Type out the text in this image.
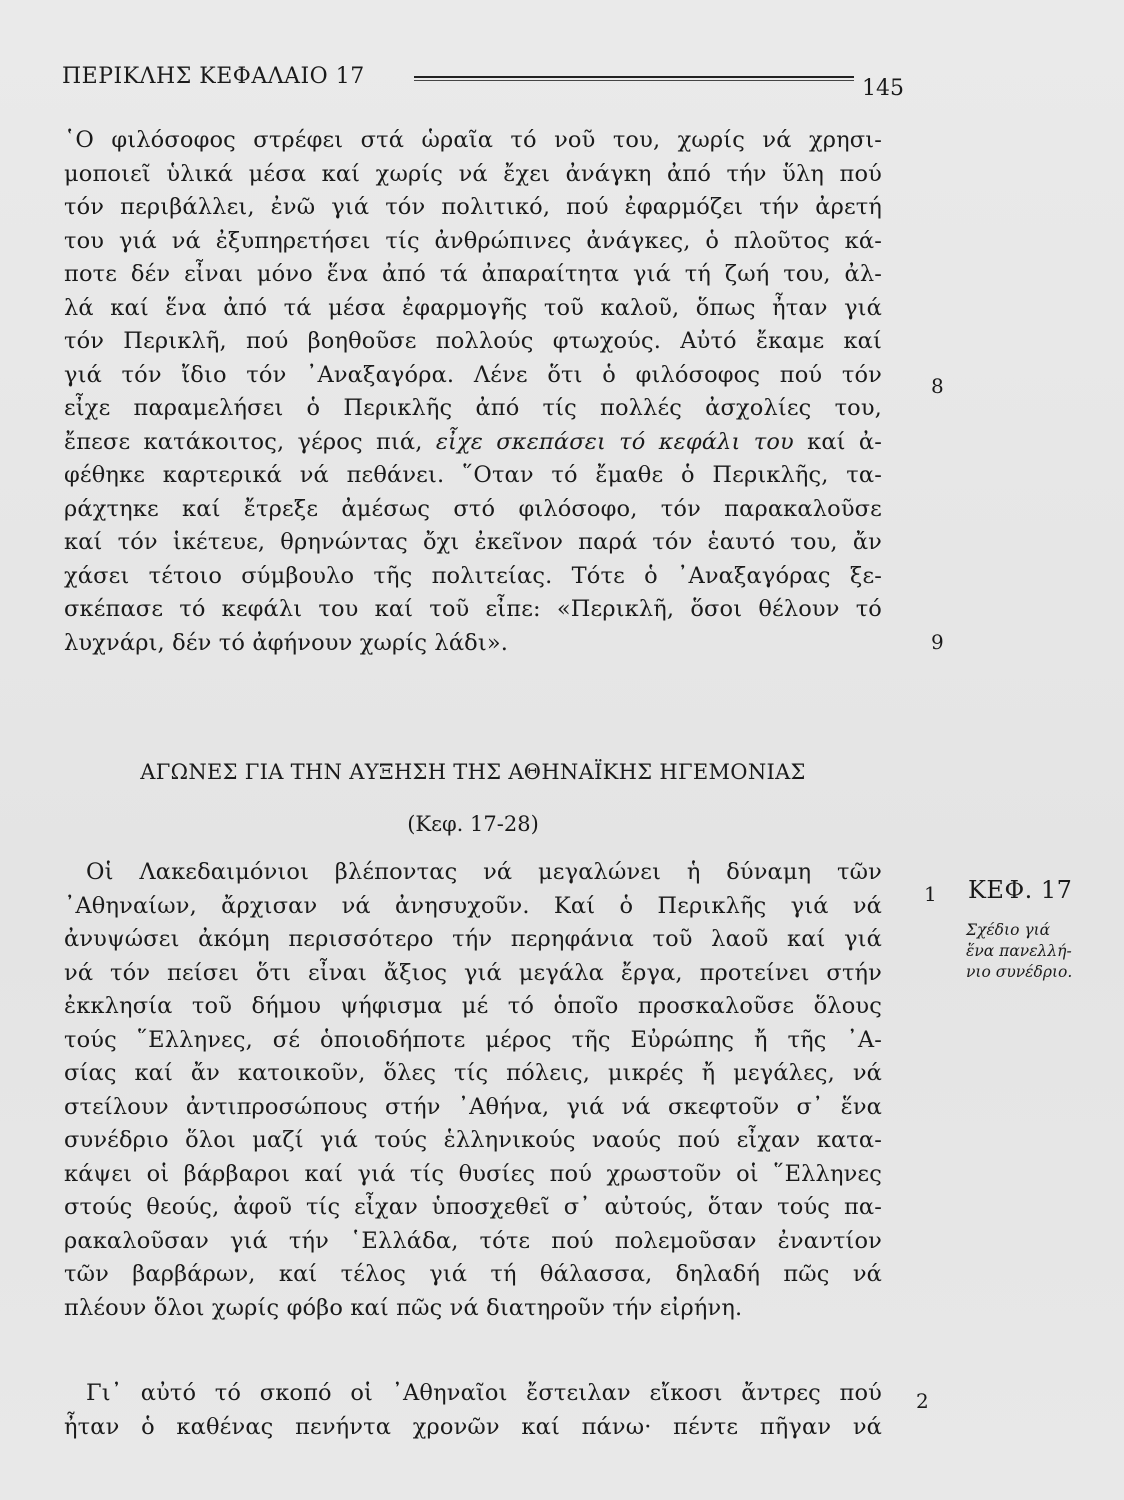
ΠΕΡΙΚΛΗΣ ΚΕΦΑΛΑΙΟ 17	145
῾Ο φιλόσοφος στρέφει στά ὡραῖα τό νοῦ του, χωρίς νά χρησι-
μοποιεῖ ὑλικά μέσα καί χωρίς νά ἔχει ἀνάγκη ἀπό τήν ὕλη πού
τόν περιβάλλει, ἐνῶ γιά τόν πολιτικό, πού ἐφαρμόζει τήν ἀρετή
του γιά νά ἐξυπηρετήσει τίς ἀνθρώπινες ἀνάγκες, ὁ πλοῦτος κά-
ποτε δέν εἶναι μόνο ἕνα ἀπό τά ἀπαραίτητα γιά τή ζωή του, ἀλ-
λά καί ἕνα ἀπό τά μέσα ἐφαρμογῆς τοῦ καλοῦ, ὅπως ἦταν γιά
τόν Περικλῆ, πού βοηθοῦσε πολλούς φτωχούς. Αὐτό ἔκαμε καί
γιά τόν ἴδιο τόν ᾿Αναξαγόρα. Λένε ὅτι ὁ φιλόσοφος πού τόν
εἶχε παραμελήσει ὁ Περικλῆς ἀπό τίς πολλές ἀσχολίες του,
ἔπεσε κατάκοιτος, γέρος πιά, εἶχε σκεπάσει τό κεφάλι του καί ἀ-
φέθηκε καρτερικά νά πεθάνει. ῞Οταν τό ἔμαθε ὁ Περικλῆς, τα-
ράχτηκε καί ἔτρεξε ἀμέσως στό φιλόσοφο, τόν παρακαλοῦσε
καί τόν ἱκέτευε, θρηνώντας ὄχι ἐκεῖνον παρά τόν ἑαυτό του, ἄν
χάσει τέτοιο σύμβουλο τῆς πολιτείας. Τότε ὁ ᾿Αναξαγόρας ξε-
σκέπασε τό κεφάλι του καί τοῦ εἶπε: «Περικλῆ, ὅσοι θέλουν τό
λυχνάρι, δέν τό ἀφήνουν χωρίς λάδι».
ΑΓΩΝΕΣ ΓΙΑ ΤΗΝ ΑΥΞΗΣΗ ΤΗΣ ΑΘΗΝΑΪΚΗΣ ΗΓΕΜΟΝΙΑΣ
(Κεφ. 17-28)
Οἱ Λακεδαιμόνιοι βλέποντας νά μεγαλώνει ἡ δύναμη τῶν
᾿Αθηναίων, ἄρχισαν νά ἀνησυχοῦν. Καί ὁ Περικλῆς γιά νά
ἀνυψώσει ἀκόμη περισσότερο τήν περηφάνια τοῦ λαοῦ καί γιά
νά τόν πείσει ὅτι εἶναι ἄξιος γιά μεγάλα ἔργα, προτείνει στήν
ἐκκλησία τοῦ δήμου ψήφισμα μέ τό ὁποῖο προσκαλοῦσε ὅλους
τούς ῞Ελληνες, σέ ὁποιοδήποτε μέρος τῆς Εὐρώπης ἤ τῆς ᾿Α-
σίας καί ἄν κατοικοῦν, ὅλες τίς πόλεις, μικρές ἤ μεγάλες, νά
στείλουν ἀντιπροσώπους στήν ᾿Αθήνα, γιά νά σκεφτοῦν σ᾿ ἕνα
συνέδριο ὅλοι μαζί γιά τούς ἑλληνικούς ναούς πού εἶχαν κατα-
κάψει οἱ βάρβαροι καί γιά τίς θυσίες πού χρωστοῦν οἱ ῞Ελληνες
στούς θεούς, ἀφοῦ τίς εἶχαν ὑποσχεθεῖ σ᾿ αὐτούς, ὅταν τούς πα-
ρακαλοῦσαν γιά τήν ῾Ελλάδα, τότε πού πολεμοῦσαν ἐναντίον
τῶν βαρβάρων, καί τέλος γιά τή θάλασσα, δηλαδή πῶς νά
πλέουν ὅλοι χωρίς φόβο καί πῶς νά διατηροῦν τήν εἰρήνη.
Γι᾿ αὐτό τό σκοπό οἱ ᾿Αθηναῖοι ἔστειλαν εἴκοσι ἄντρες πού
ἦταν ὁ καθένας πενήντα χρονῶν καί πάνω· πέντε πῆγαν νά
8
9
1
2
ΚΕΦ. 17
Σχέδιο γιά
ἕνα πανελλή-
νιο συνέδριο.
